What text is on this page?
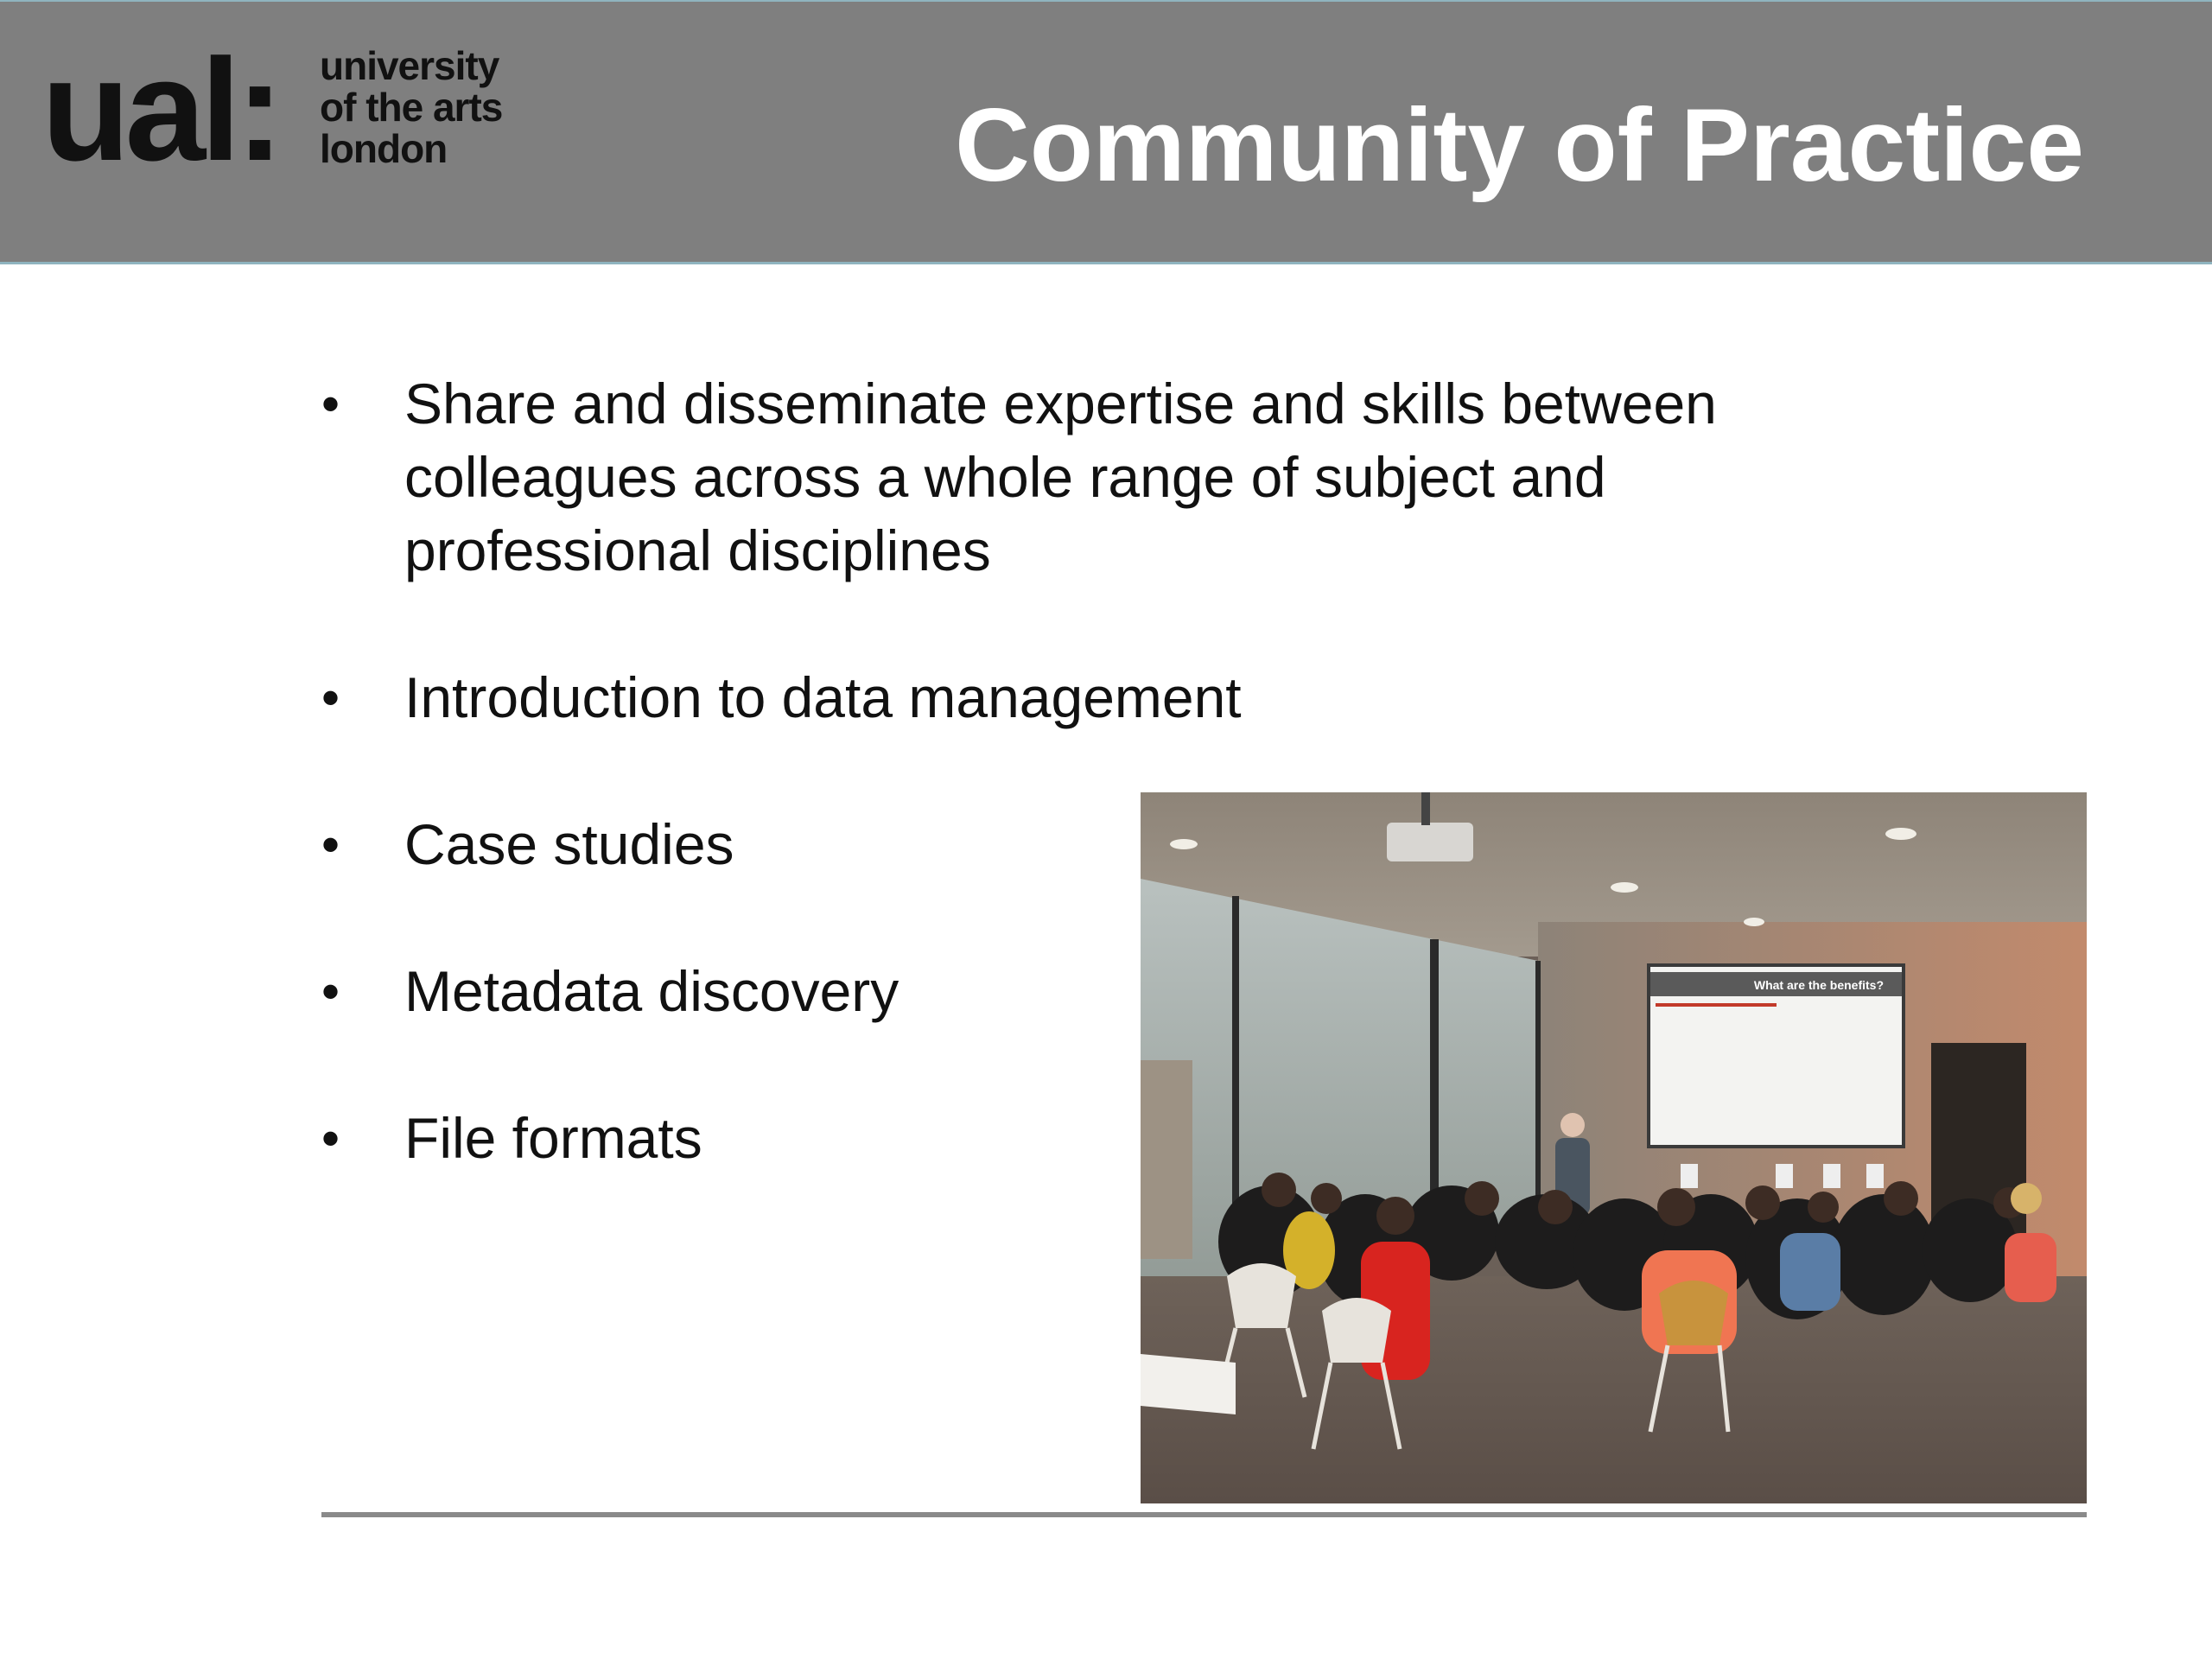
ual: university
of the arts
london	Community of Practice
• Share and disseminate expertise and skills between colleagues across a whole range of subject and professional disciplines
• Introduction to data management
• Case studies
• Metadata discovery
• File formats
What are the benefits?
